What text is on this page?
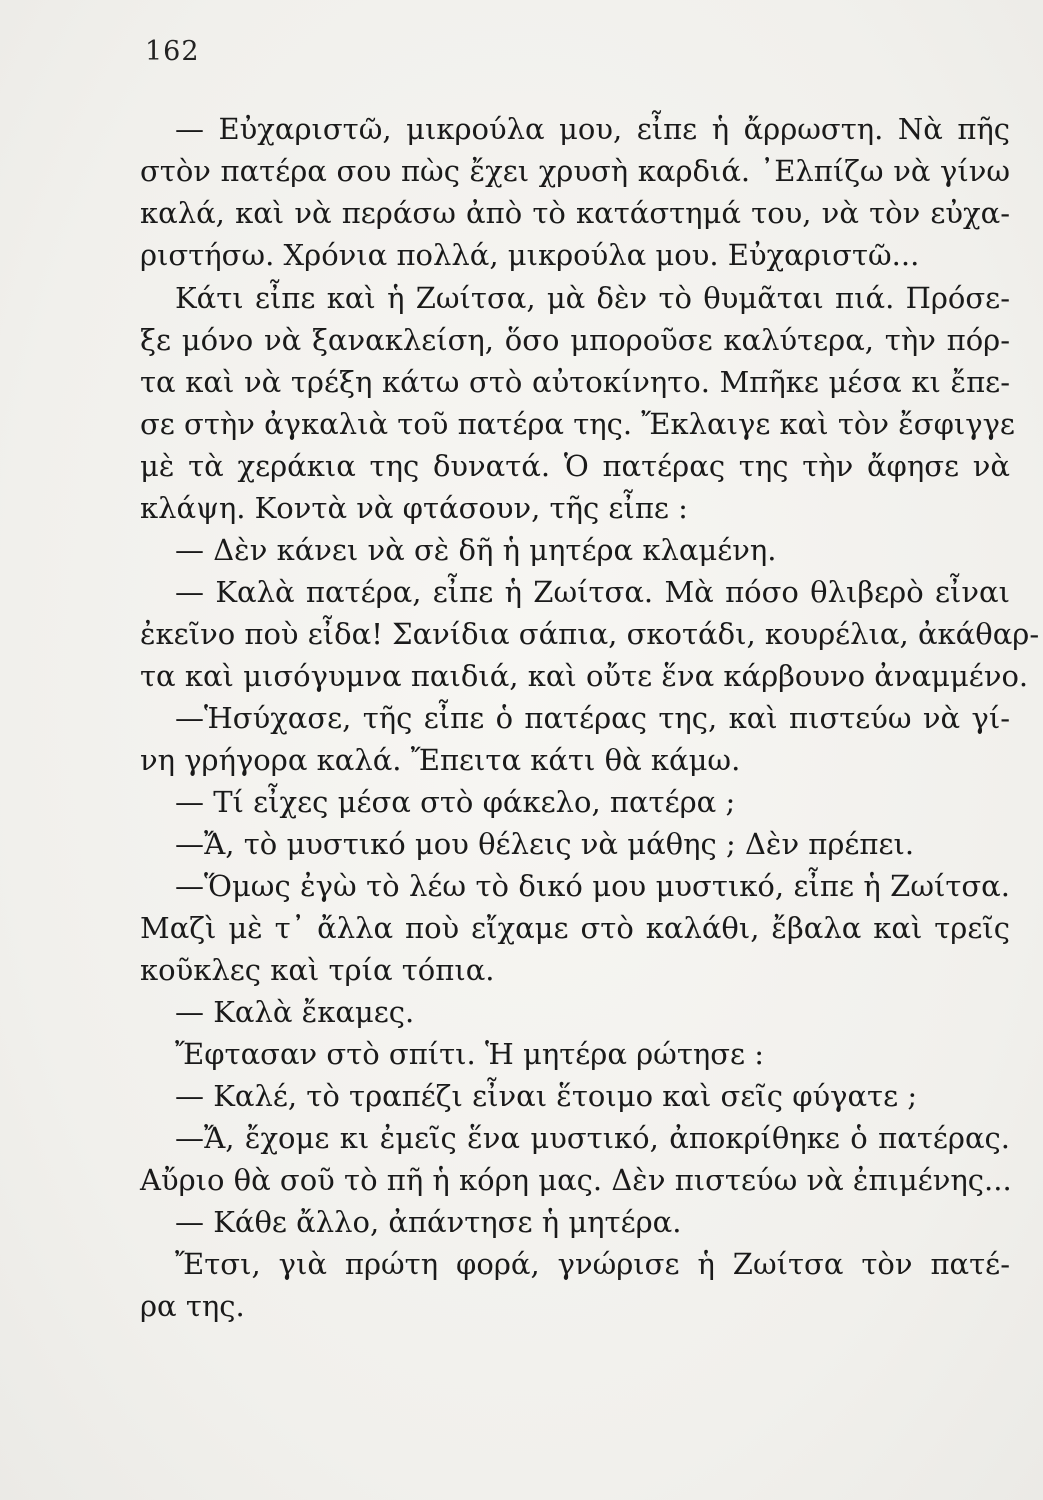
162
— Εὐχαριστῶ, μικρούλα μου, εἶπε ἡ ἄρρωστη. Νὰ πῆς
στὸν πατέρα σου πὼς ἔχει χρυσὴ καρδιά. ᾿Ελπίζω νὰ γίνω
καλά, καὶ νὰ περάσω ἀπὸ τὸ κατάστημά του, νὰ τὸν εὐχα-
ριστήσω. Χρόνια πολλά, μικρούλα μου. Εὐχαριστῶ...
Κάτι εἶπε καὶ ἡ Ζωίτσα, μὰ δὲν τὸ θυμᾶται πιά. Πρόσε-
ξε μόνο νὰ ξανακλείση, ὅσο μποροῦσε καλύτερα, τὴν πόρ-
τα καὶ νὰ τρέξη κάτω στὸ αὐτοκίνητο. Μπῆκε μέσα κι ἔπε-
σε στὴν ἀγκαλιὰ τοῦ πατέρα της. Ἔκλαιγε καὶ τὸν ἔσφιγγε
μὲ τὰ χεράκια της δυνατά. Ὁ πατέρας της τὴν ἄφησε νὰ
κλάψη. Κοντὰ νὰ φτάσουν, τῆς εἶπε :
— Δὲν κάνει νὰ σὲ δῆ ἡ μητέρα κλαμένη.
— Καλὰ πατέρα, εἶπε ἡ Ζωίτσα. Μὰ πόσο θλιβερὸ εἶναι
ἐκεῖνο ποὺ εἶδα! Σανίδια σάπια, σκοτάδι, κουρέλια, ἀκάθαρ-
τα καὶ μισόγυμνα παιδιά, καὶ οὔτε ἕνα κάρβουνο ἀναμμένο.
—Ἡσύχασε, τῆς εἶπε ὁ πατέρας της, καὶ πιστεύω νὰ γί-
νη γρήγορα καλά. Ἔπειτα κάτι θὰ κάμω.
— Τί εἶχες μέσα στὸ φάκελο, πατέρα ;
—Ἄ, τὸ μυστικό μου θέλεις νὰ μάθης ; Δὲν πρέπει.
—Ὅμως ἐγὼ τὸ λέω τὸ δικό μου μυστικό, εἶπε ἡ Ζωίτσα.
Μαζὶ μὲ τ᾿ ἄλλα ποὺ εἴχαμε στὸ καλάθι, ἔβαλα καὶ τρεῖς
κοῦκλες καὶ τρία τόπια.
— Καλὰ ἔκαμες.
Ἔφτασαν στὸ σπίτι. Ἡ μητέρα ρώτησε :
— Καλέ, τὸ τραπέζι εἶναι ἕτοιμο καὶ σεῖς φύγατε ;
—Ἄ, ἔχομε κι ἐμεῖς ἕνα μυστικό, ἀποκρίθηκε ὁ πατέρας.
Αὔριο θὰ σοῦ τὸ πῆ ἡ κόρη μας. Δὲν πιστεύω νὰ ἐπιμένης...
— Κάθε ἄλλο, ἀπάντησε ἡ μητέρα.
Ἔτσι, γιὰ πρώτη φορά, γνώρισε ἡ Ζωίτσα τὸν πατέ-
ρα της.
